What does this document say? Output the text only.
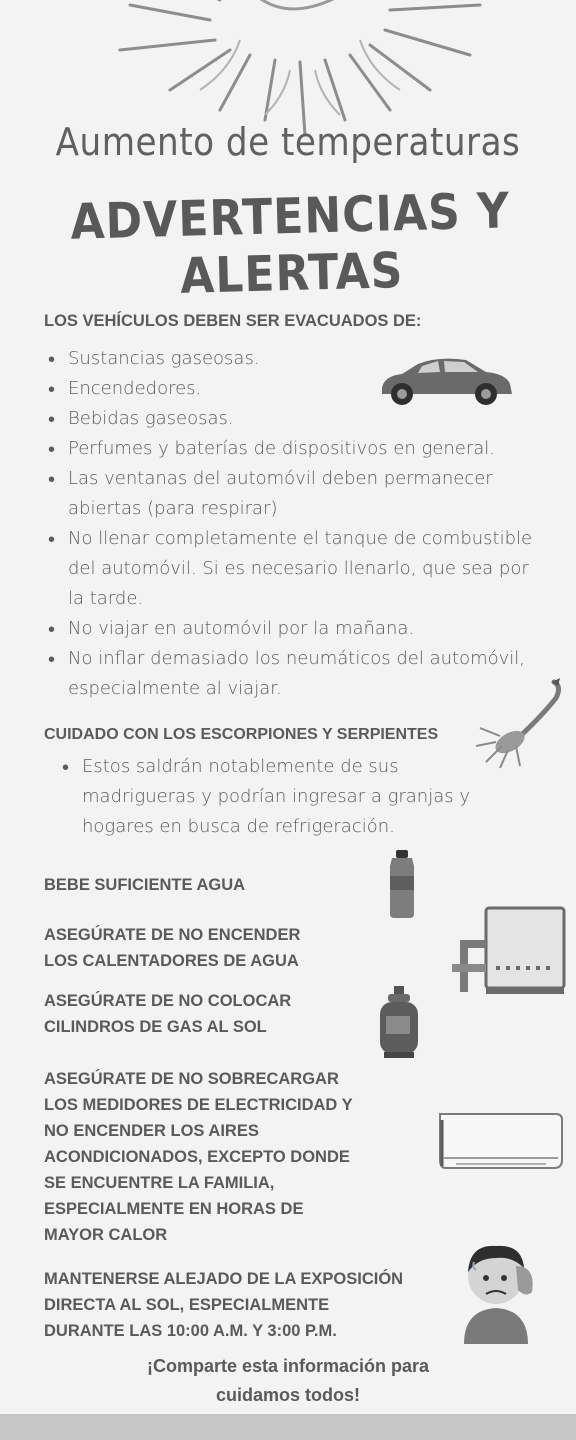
Aumento de temperaturas
ADVERTENCIAS Y ALERTAS
LOS VEHÍCULOS DEBEN SER EVACUADOS DE:
• Sustancias gaseosas.
• Encendedores.
• Bebidas gaseosas.
• Perfumes y baterías de dispositivos en general.
• Las ventanas del automóvil deben permanecer abiertas (para respirar)
• No llenar completamente el tanque de combustible del automóvil. Si es necesario llenarlo, que sea por la tarde.
• No viajar en automóvil por la mañana.
• No inflar demasiado los neumáticos del automóvil, especialmente al viajar.
CUIDADO CON LOS ESCORPIONES Y SERPIENTES
• Estos saldrán notablemente de sus madrigueras y podrían ingresar a granjas y hogares en busca de refrigeración.
BEBE SUFICIENTE AGUA
ASEGÚRATE DE NO ENCENDER
LOS CALENTADORES DE AGUA
ASEGÚRATE DE NO COLOCAR
CILINDROS DE GAS AL SOL
ASEGÚRATE DE NO SOBRECARGAR
LOS MEDIDORES DE ELECTRICIDAD Y
NO ENCENDER LOS AIRES
ACONDICIONADOS, EXCEPTO DONDE
SE ENCUENTRE LA FAMILIA,
ESPECIALMENTE EN HORAS DE
MAYOR CALOR
MANTENERSE ALEJADO DE LA EXPOSICIÓN
DIRECTA AL SOL, ESPECIALMENTE
DURANTE LAS 10:00 A.M. Y 3:00 P.M.
¡Comparte esta información para
cuidamos todos!
